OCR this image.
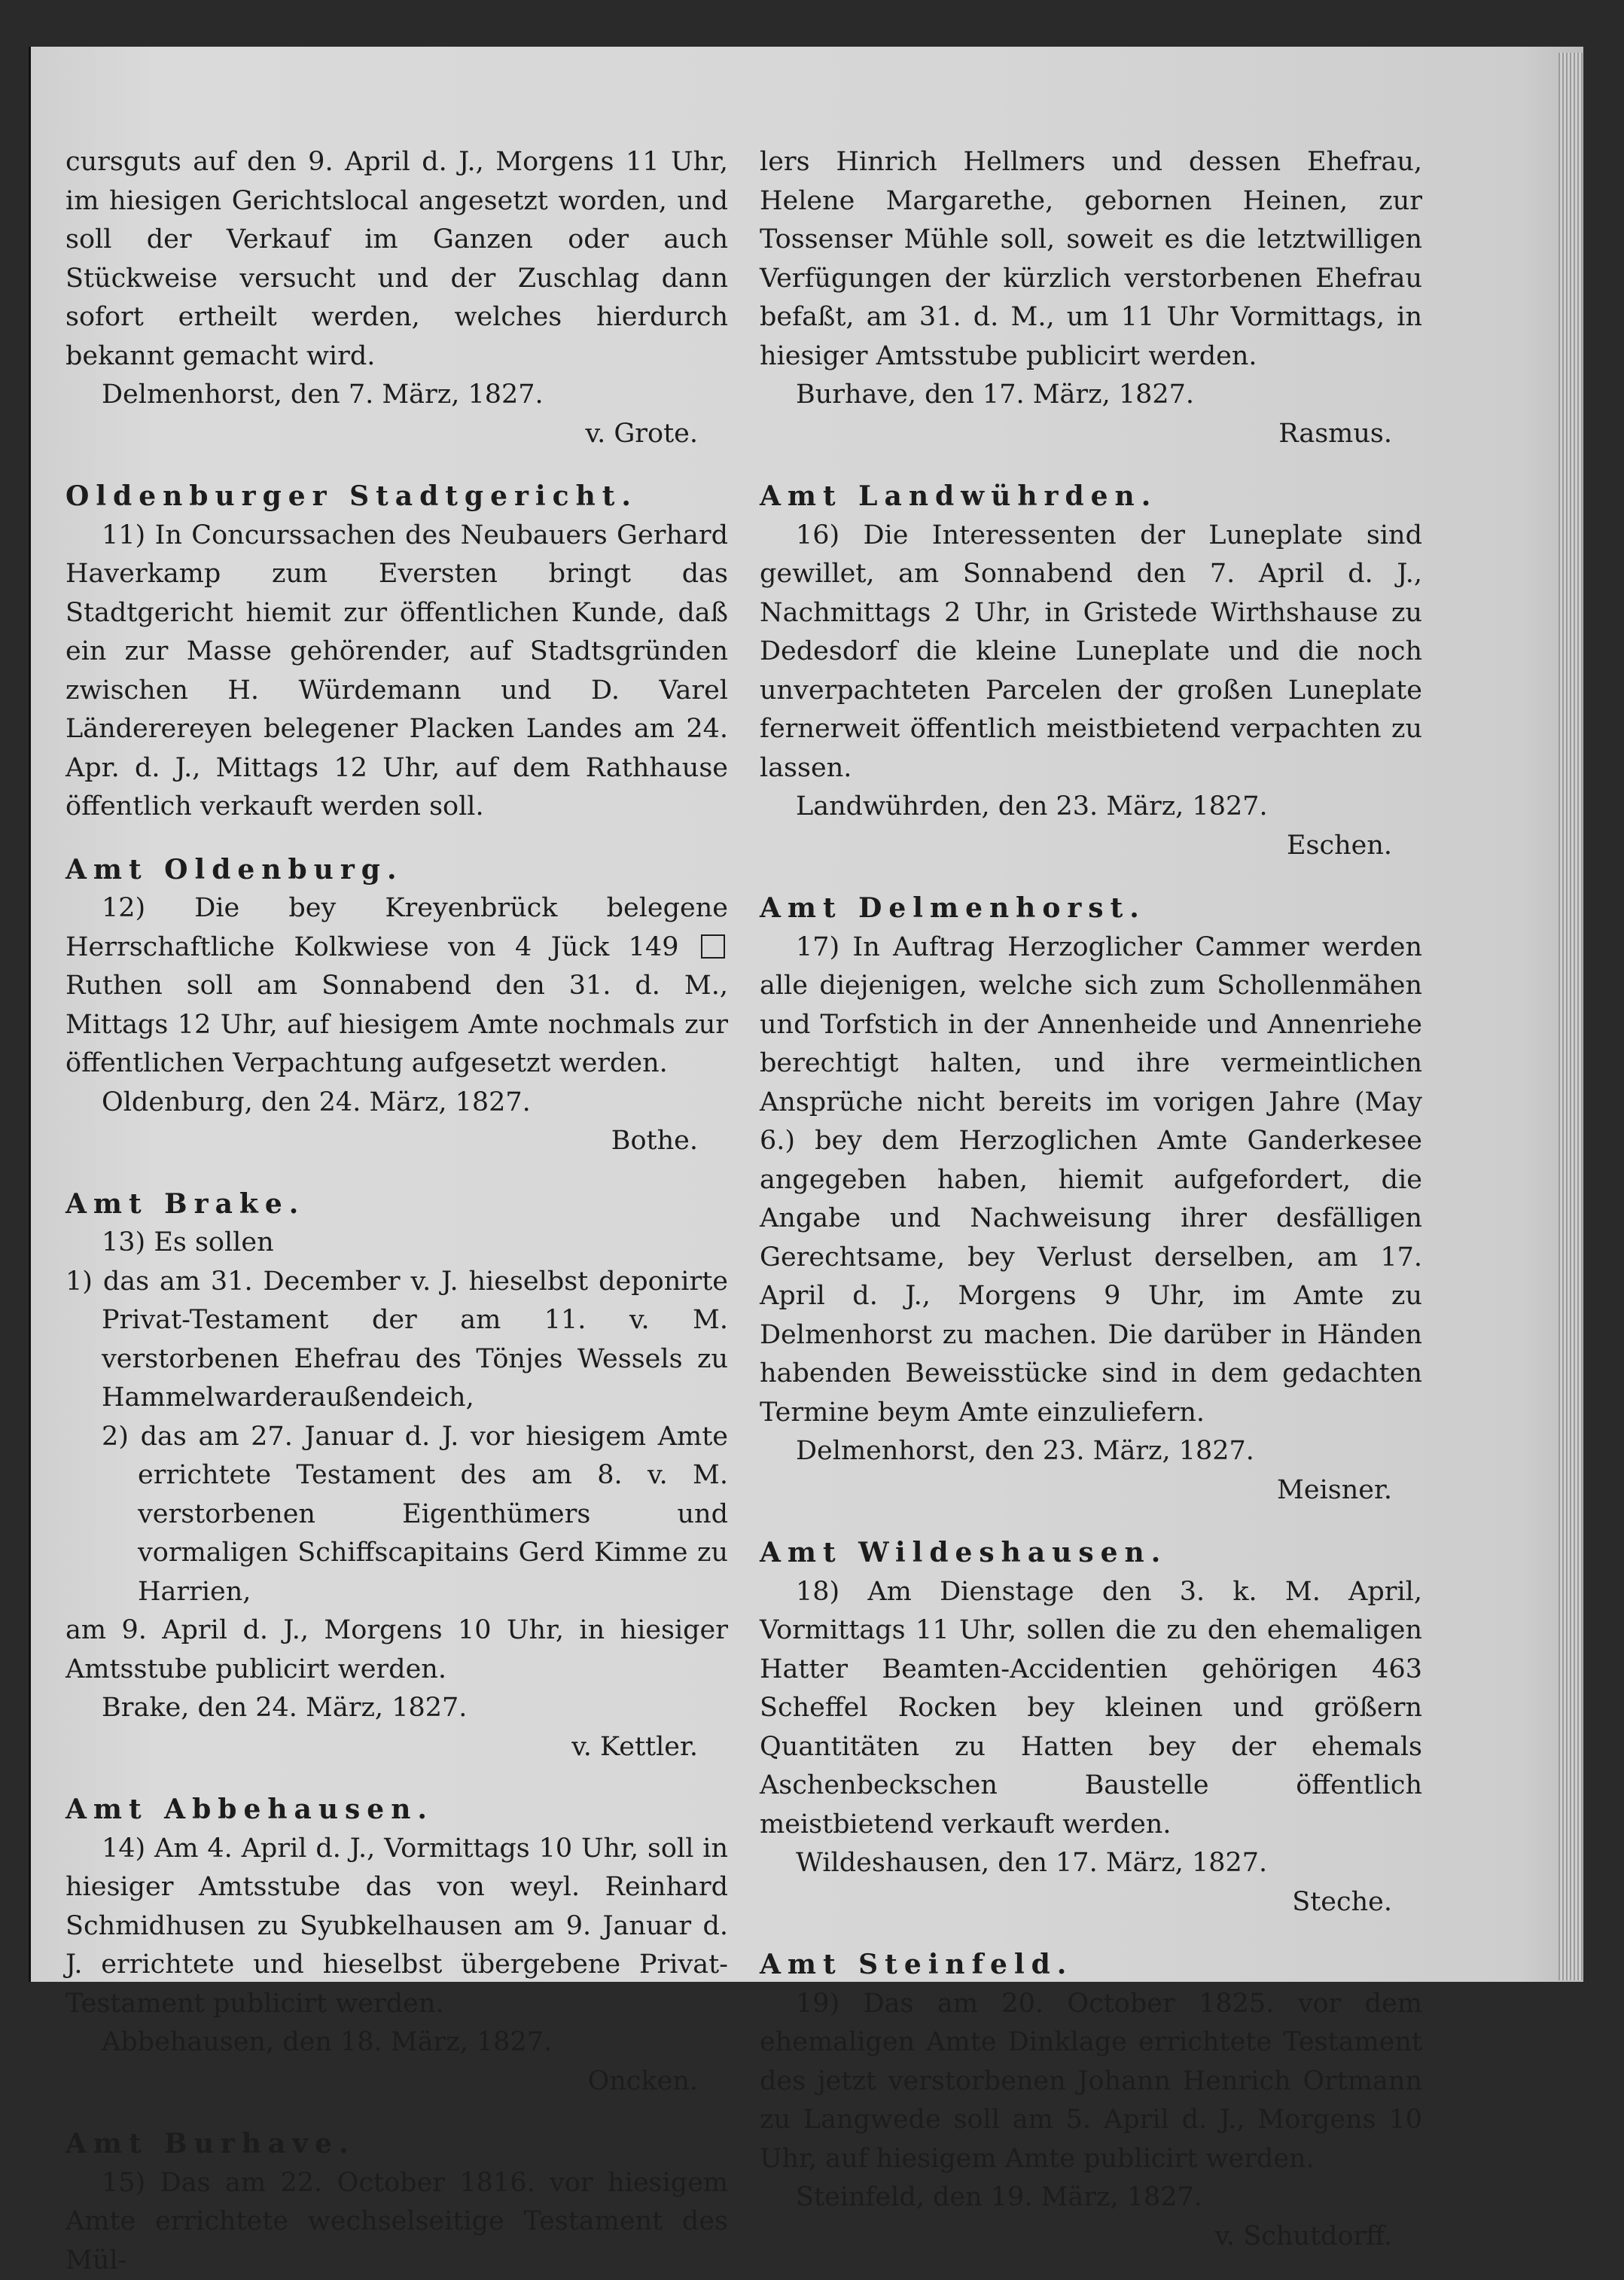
cursguts auf den 9. April d. J., Morgens 11 Uhr, im hiesigen Gerichtslocal angesetzt worden, und soll der Verkauf im Ganzen oder auch Stückweise versucht und der Zuschlag dann sofort ertheilt werden, welches hierdurch bekannt gemacht wird.

Delmenhorst, den 7. März, 1827.

v. Grote.

Oldenburger Stadtgericht.

11) In Concurssachen des Neubauers Gerhard Haverkamp zum Eversten bringt das Stadtgericht hiemit zur öffentlichen Kunde, daß ein zur Masse gehörender, auf Stadtsgründen zwischen H. Würdemann und D. Varel Länderereyen belegener Placken Landes am 24. Apr. d. J., Mittags 12 Uhr, auf dem Rathhause öffentlich verkauft werden soll.

Amt Oldenburg.

12) Die bey Kreyenbrück belegene Herrschaftliche Kolkwiese von 4 Jück 149  Ruthen soll am Sonnabend den 31. d. M., Mittags 12 Uhr, auf hiesigem Amte nochmals zur öffentlichen Verpachtung aufgesetzt werden.

Oldenburg, den 24. März, 1827.

Bothe.

Amt Brake.

13) Es sollen

1) das am 31. December v. J. hieselbst deponirte Privat-Testament der am 11. v. M. verstorbenen Ehefrau des Tönjes Wessels zu Hammelwarderaußendeich,

2) das am 27. Januar d. J. vor hiesigem Amte errichtete Testament des am 8. v. M. verstorbenen Eigenthümers und vormaligen Schiffscapitains Gerd Kimme zu Harrien,

am 9. April d. J., Morgens 10 Uhr, in hiesiger Amtsstube publicirt werden.

Brake, den 24. März, 1827.

v. Kettler.

Amt Abbehausen.

14) Am 4. April d. J., Vormittags 10 Uhr, soll in hiesiger Amtsstube das von weyl. Reinhard Schmidhusen zu Syubkelhausen am 9. Januar d. J. errichtete und hieselbst übergebene Privat-Testament publicirt werden.

Abbehausen, den 18. März, 1827.

Oncken.

Amt Burhave.

15) Das am 22. October 1816. vor hiesigem Amte errichtete wechselseitige Testament des Mül-

lers Hinrich Hellmers und dessen Ehefrau, Helene Margarethe, gebornen Heinen, zur Tossenser Mühle soll, soweit es die letztwilligen Verfügungen der kürzlich verstorbenen Ehefrau befaßt, am 31. d. M., um 11 Uhr Vormittags, in hiesiger Amtsstube publicirt werden.

Burhave, den 17. März, 1827.

Rasmus.

Amt Landwührden.

16) Die Interessenten der Luneplate sind gewillet, am Sonnabend den 7. April d. J., Nachmittags 2 Uhr, in Gristede Wirthshause zu Dedesdorf die kleine Luneplate und die noch unverpachteten Parcelen der großen Luneplate fernerweit öffentlich meistbietend verpachten zu lassen.

Landwührden, den 23. März, 1827.

Eschen.

Amt Delmenhorst.

17) In Auftrag Herzoglicher Cammer werden alle diejenigen, welche sich zum Schollenmähen und Torfstich in der Annenheide und Annenriehe berechtigt halten, und ihre vermeintlichen Ansprüche nicht bereits im vorigen Jahre (May 6.) bey dem Herzoglichen Amte Ganderkesee angegeben haben, hiemit aufgefordert, die Angabe und Nachweisung ihrer desfälligen Gerechtsame, bey Verlust derselben, am 17. April d. J., Morgens 9 Uhr, im Amte zu Delmenhorst zu machen. Die darüber in Händen habenden Beweisstücke sind in dem gedachten Termine beym Amte einzuliefern.

Delmenhorst, den 23. März, 1827.

Meisner.

Amt Wildeshausen.

18) Am Dienstage den 3. k. M. April, Vormittags 11 Uhr, sollen die zu den ehemaligen Hatter Beamten-Accidentien gehörigen 463 Scheffel Rocken bey kleinen und größern Quantitäten zu Hatten bey der ehemals Aschenbeckschen Baustelle öffentlich meistbietend verkauft werden.

Wildeshausen, den 17. März, 1827.

Steche.

Amt Steinfeld.

19) Das am 20. October 1825. vor dem ehemaligen Amte Dinklage errichtete Testament des jetzt verstorbenen Johann Henrich Ortmann zu Langwede soll am 5. April d. J., Morgens 10 Uhr, auf hiesigem Amte publicirt werden.

Steinfeld, den 19. März, 1827.

v. Schutdorff.
